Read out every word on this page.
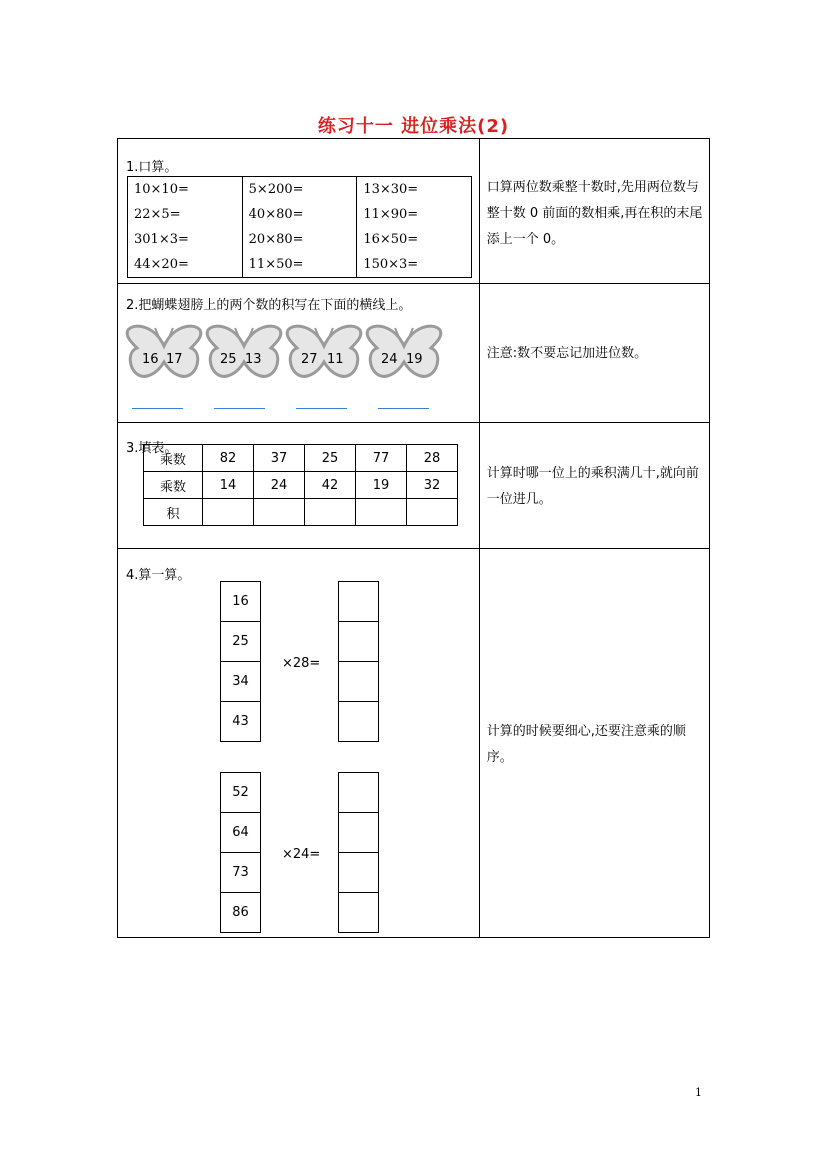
练习十一 进位乘法(2)
1.口算。
10×10=	5×200=	13×30=
22×5=	40×80=	11×90=
301×3=	20×80=	16×50=
44×20=	11×50=	150×3=

口算两位数乘整十数时,先用两位数与整十数 0 前面的数相乘,再在积的末尾添上一个 0。

2.把蝴蝶翅膀上的两个数的积写在下面的横线上。

注意:数不要忘记加进位数。

3.填表。
乘数	82	37	25	77	28
乘数	14	24	42	19	32
积					

计算时哪一位上的乘积满几十,就向前一位进几。

4.算一算。

计算的时候要细心,还要注意乘的顺序。
16 17	25 13	27 11	24 19
16
25
34
43
×28=
52
64
73
86
×24=
1
